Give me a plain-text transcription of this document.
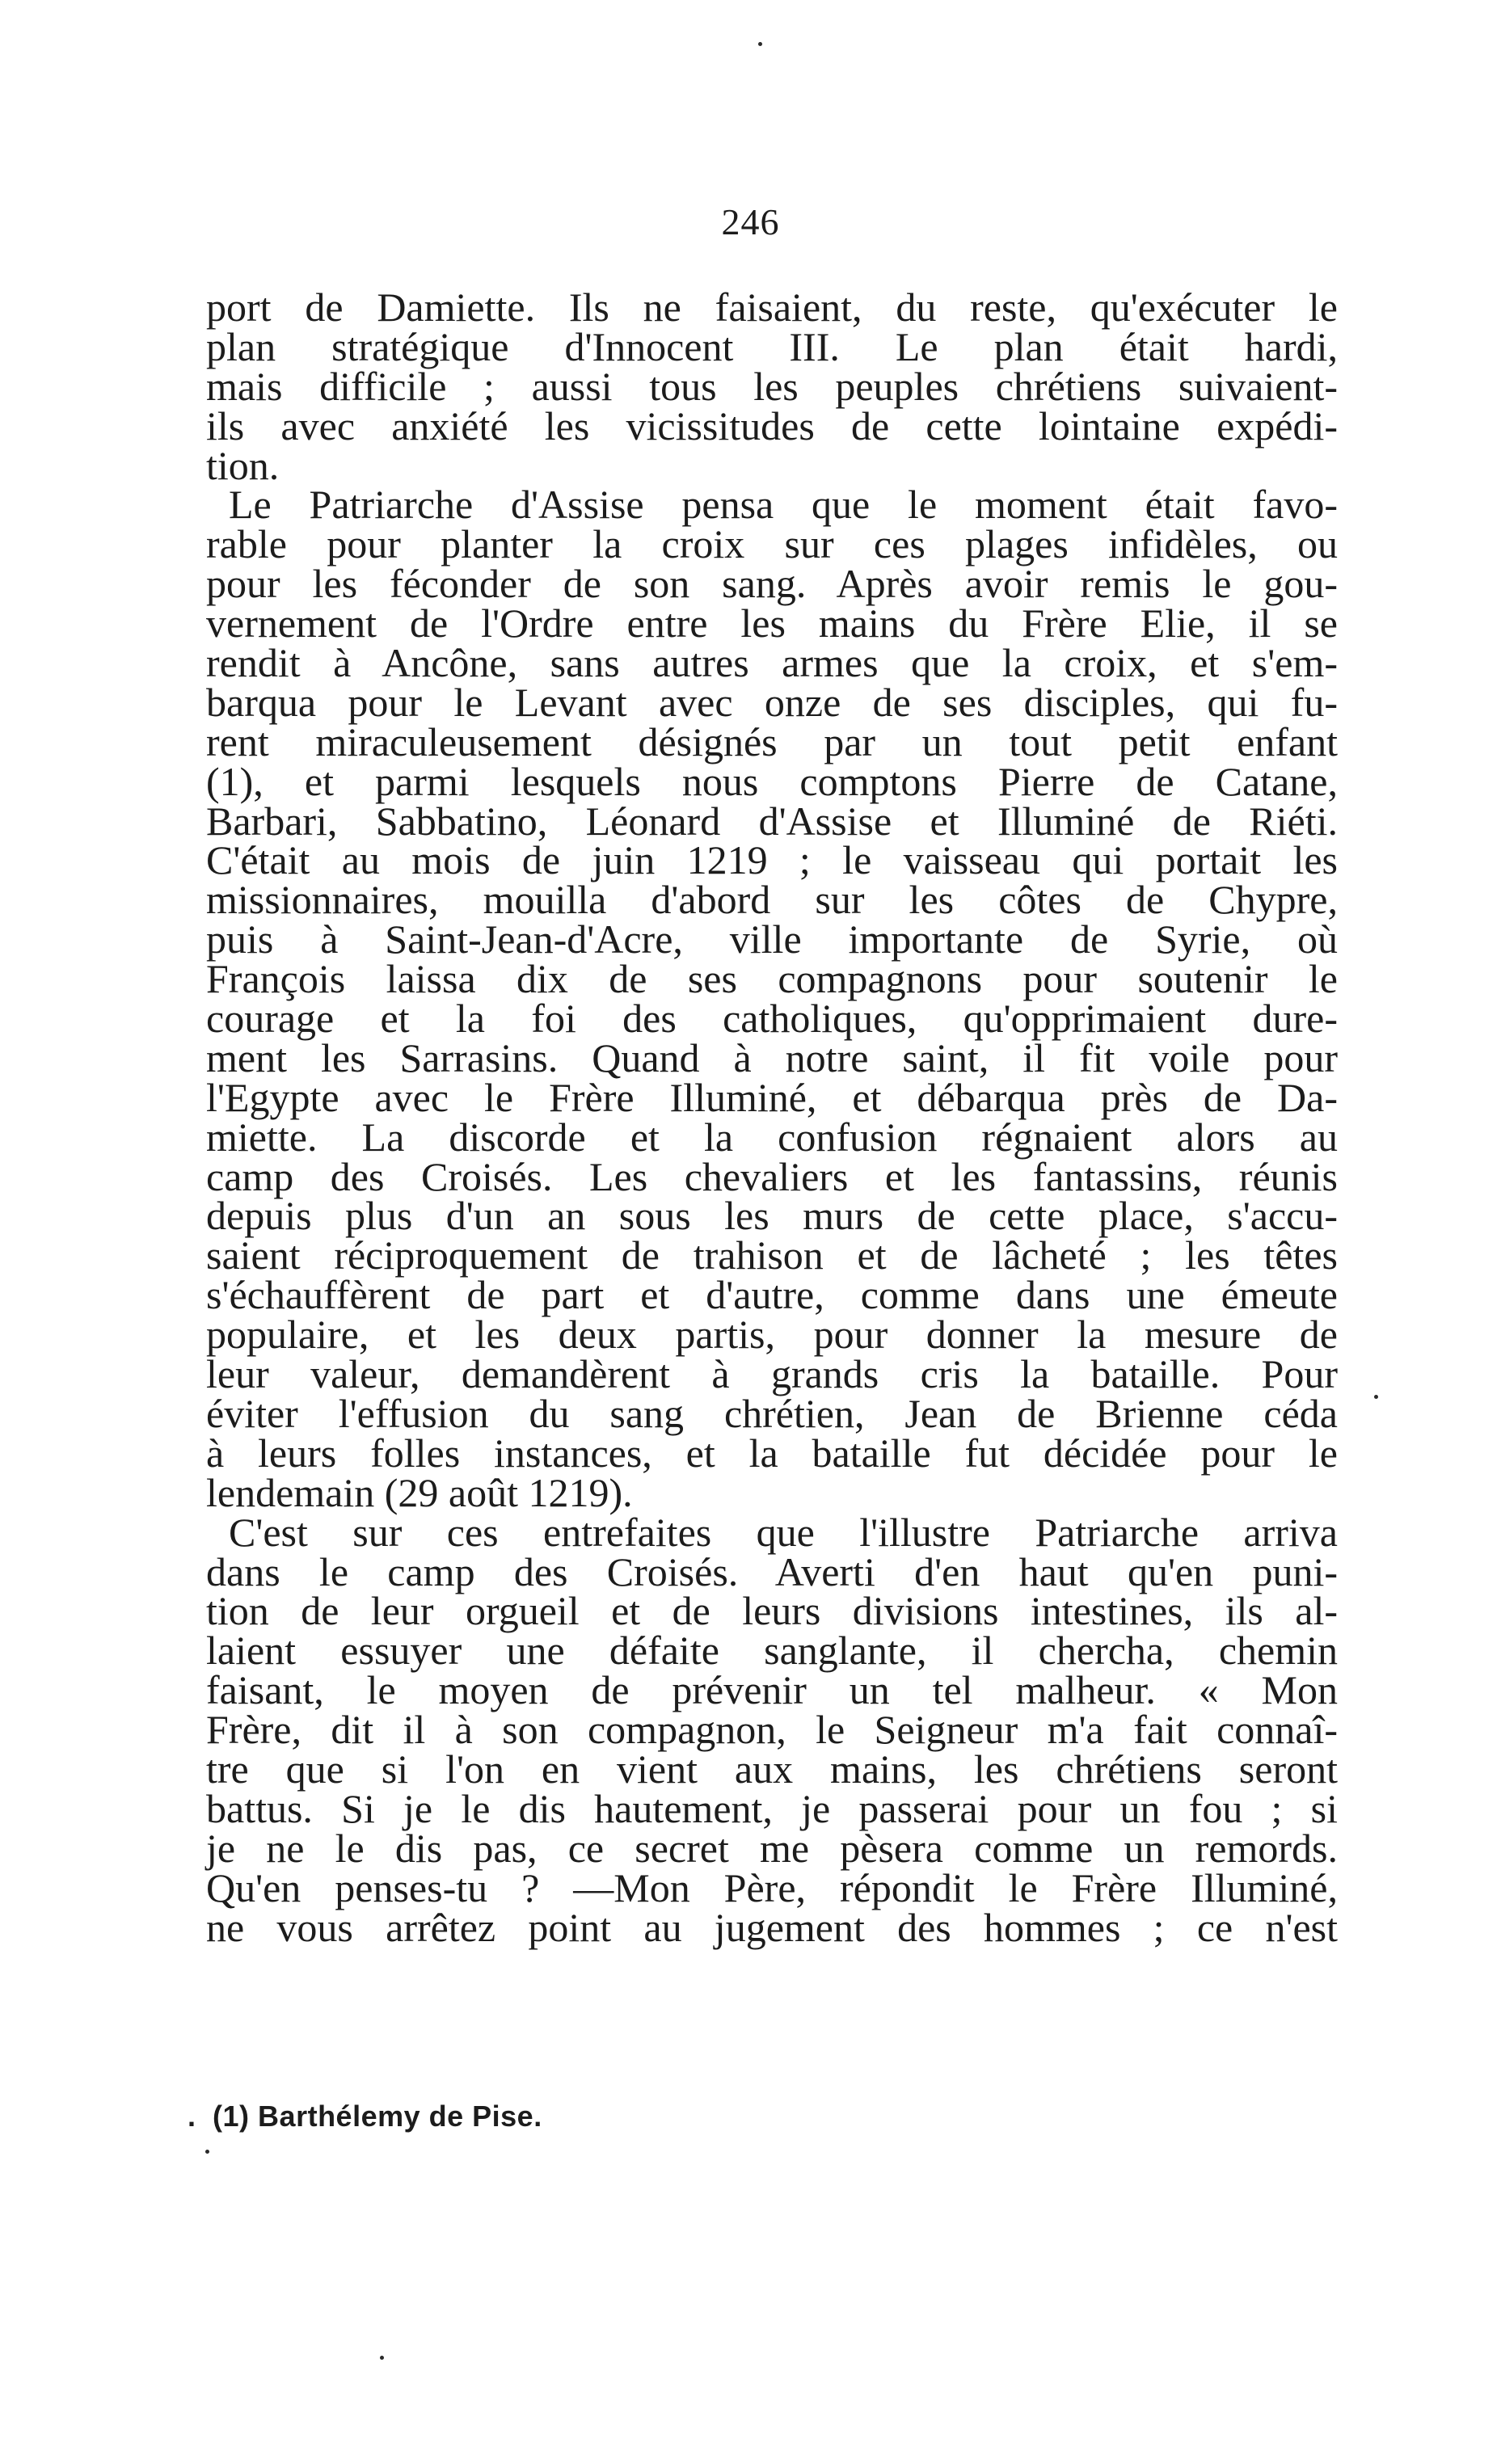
246
port de Damiette. Ils ne faisaient, du reste, qu'exécuter le
plan stratégique d'Innocent III. Le plan était hardi,
mais difficile ; aussi tous les peuples chrétiens suivaient-
ils avec anxiété les vicissitudes de cette lointaine expédi-
tion.
Le Patriarche d'Assise pensa que le moment était favo-
rable pour planter la croix sur ces plages infidèles, ou
pour les féconder de son sang. Après avoir remis le gou-
vernement de l'Ordre entre les mains du Frère Elie, il se
rendit à Ancône, sans autres armes que la croix, et s'em-
barqua pour le Levant avec onze de ses disciples, qui fu-
rent miraculeusement désignés par un tout petit enfant
(1), et parmi lesquels nous comptons Pierre de Catane,
Barbari, Sabbatino, Léonard d'Assise et Illuminé de Riéti.
C'était au mois de juin 1219 ; le vaisseau qui portait les
missionnaires, mouilla d'abord sur les côtes de Chypre,
puis à Saint-Jean-d'Acre, ville importante de Syrie, où
François laissa dix de ses compagnons pour soutenir le
courage et la foi des catholiques, qu'opprimaient dure-
ment les Sarrasins. Quand à notre saint, il fit voile pour
l'Egypte avec le Frère Illuminé, et débarqua près de Da-
miette. La discorde et la confusion régnaient alors au
camp des Croisés. Les chevaliers et les fantassins, réunis
depuis plus d'un an sous les murs de cette place, s'accu-
saient réciproquement de trahison et de lâcheté ; les têtes
s'échauffèrent de part et d'autre, comme dans une émeute
populaire, et les deux partis, pour donner la mesure de
leur valeur, demandèrent à grands cris la bataille. Pour
éviter l'effusion du sang chrétien, Jean de Brienne céda
à leurs folles instances, et la bataille fut décidée pour le
lendemain (29 août 1219).
C'est sur ces entrefaites que l'illustre Patriarche arriva
dans le camp des Croisés. Averti d'en haut qu'en puni-
tion de leur orgueil et de leurs divisions intestines, ils al-
laient essuyer une défaite sanglante, il chercha, chemin
faisant, le moyen de prévenir un tel malheur. « Mon
Frère, dit il à son compagnon, le Seigneur m'a fait connaî-
tre que si l'on en vient aux mains, les chrétiens seront
battus. Si je le dis hautement, je passerai pour un fou ; si
je ne le dis pas, ce secret me pèsera comme un remords.
Qu'en penses-tu ? —Mon Père, répondit le Frère Illuminé,
ne vous arrêtez point au jugement des hommes ; ce n'est
. (1) Barthélemy de Pise.
